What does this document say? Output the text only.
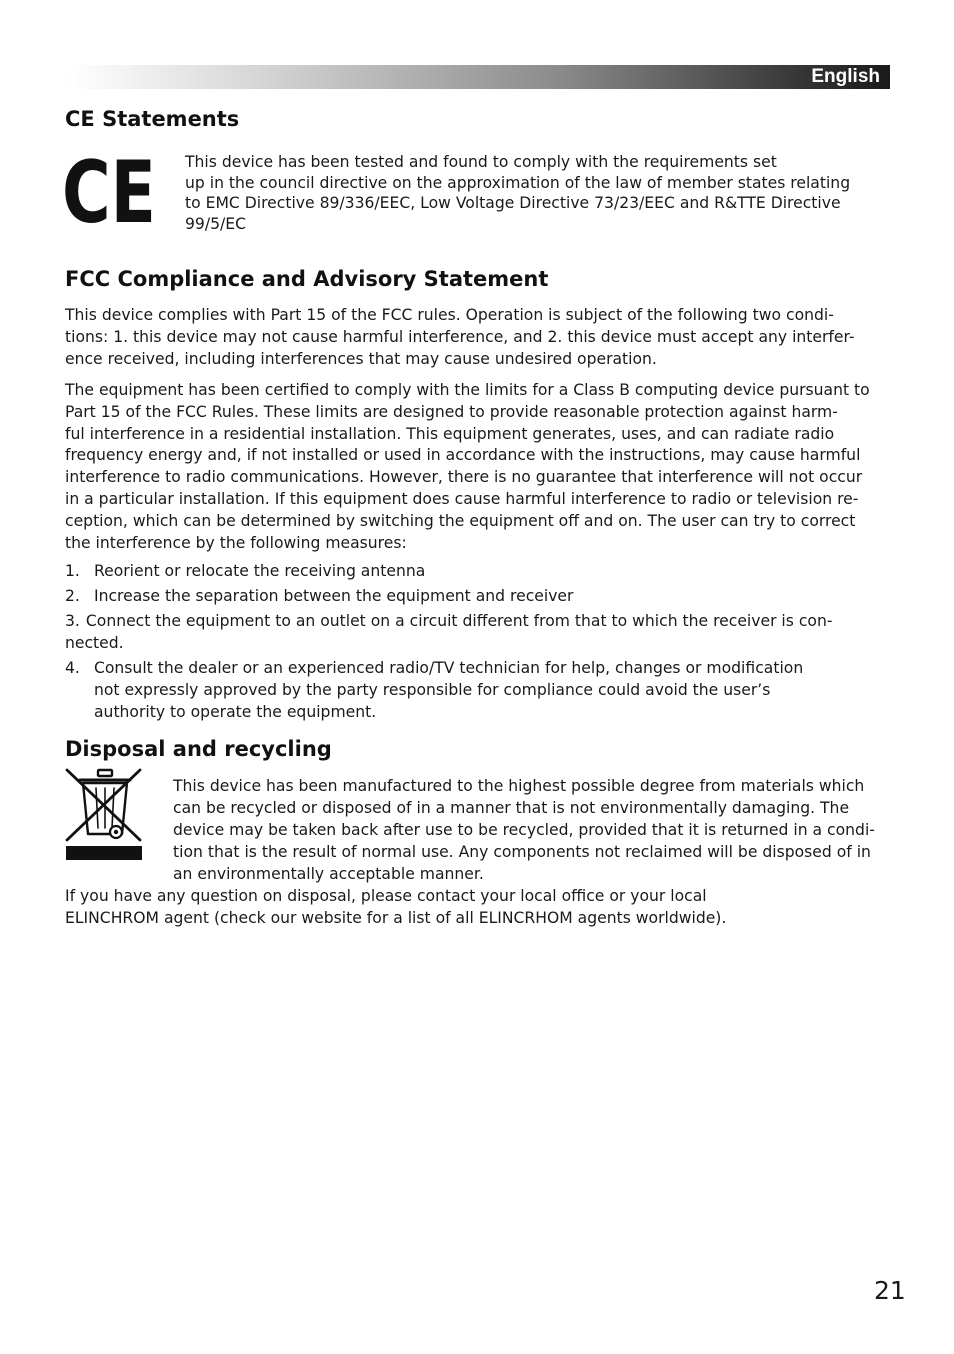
English
CE Statements
CE This device has been tested and found to comply with the requirements set
up in the council directive on the approximation of the law of member states relating
to EMC Directive 89/336/EEC, Low Voltage Directive 73/23/EEC and R&TTE Directive
99/5/EC
FCC Compliance and Advisory Statement
This device complies with Part 15 of the FCC rules. Operation is subject of the following two condi-
tions: 1. this device may not cause harmful interference, and 2. this device must accept any interfer-
ence received, including interferences that may cause undesired operation.
The equipment has been certified to comply with the limits for a Class B computing device pursuant to
Part 15 of the FCC Rules. These limits are designed to provide reasonable protection against harm-
ful interference in a residential installation. This equipment generates, uses, and can radiate radio
frequency energy and, if not installed or used in accordance with the instructions, may cause harmful
interference to radio communications. However, there is no guarantee that interference will not occur
in a particular installation. If this equipment does cause harmful interference to radio or television re-
ception, which can be determined by switching the equipment off and on. The user can try to correct
the interference by the following measures:
1. Reorient or relocate the receiving antenna
2. Increase the separation between the equipment and receiver
3. Connect the equipment to an outlet on a circuit different from that to which the receiver is con-
nected.
4. Consult the dealer or an experienced radio/TV technician for help, changes or modification
not expressly approved by the party responsible for compliance could avoid the user’s
authority to operate the equipment.
Disposal and recycling
This device has been manufactured to the highest possible degree from materials which
can be recycled or disposed of in a manner that is not environmentally damaging. The
device may be taken back after use to be recycled, provided that it is returned in a condi-
tion that is the result of normal use. Any components not reclaimed will be disposed of in
an environmentally acceptable manner.
If you have any question on disposal, please contact your local office or your local
ELINCHROM agent (check our website for a list of all ELINCRHOM agents worldwide).
21
